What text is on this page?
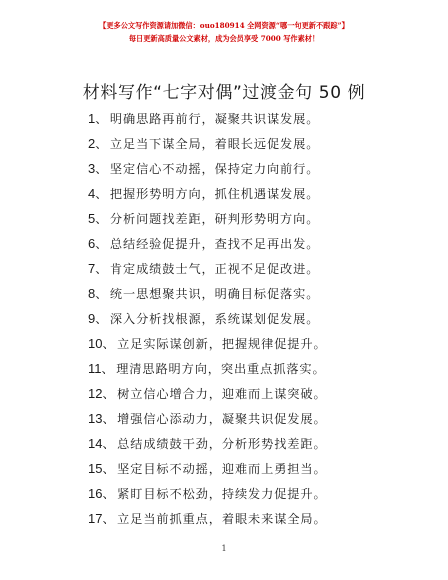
【更多公文写作资源请加微信：ouo180914 全网资源“哪一句更新不跟踪”】
每日更新高质量公文素材，成为会员享受 7000 写作素材！
材料写作“七字对偶”过渡金句 50 例
1、 明确思路再前行，凝聚共识谋发展。
2、 立足当下谋全局，着眼长远促发展。
3、 坚定信心不动摇，保持定力向前行。
4、 把握形势明方向，抓住机遇谋发展。
5、 分析问题找差距，研判形势明方向。
6、 总结经验促提升，查找不足再出发。
7、 肯定成绩鼓士气，正视不足促改进。
8、 统一思想聚共识，明确目标促落实。
9、 深入分析找根源，系统谋划促发展。
10、 立足实际谋创新，把握规律促提升。
11、 理清思路明方向，突出重点抓落实。
12、 树立信心增合力，迎难而上谋突破。
13、 增强信心添动力，凝聚共识促发展。
14、 总结成绩鼓干劲，分析形势找差距。
15、 坚定目标不动摇，迎难而上勇担当。
16、 紧盯目标不松劲，持续发力促提升。
17、 立足当前抓重点，着眼未来谋全局。
1
